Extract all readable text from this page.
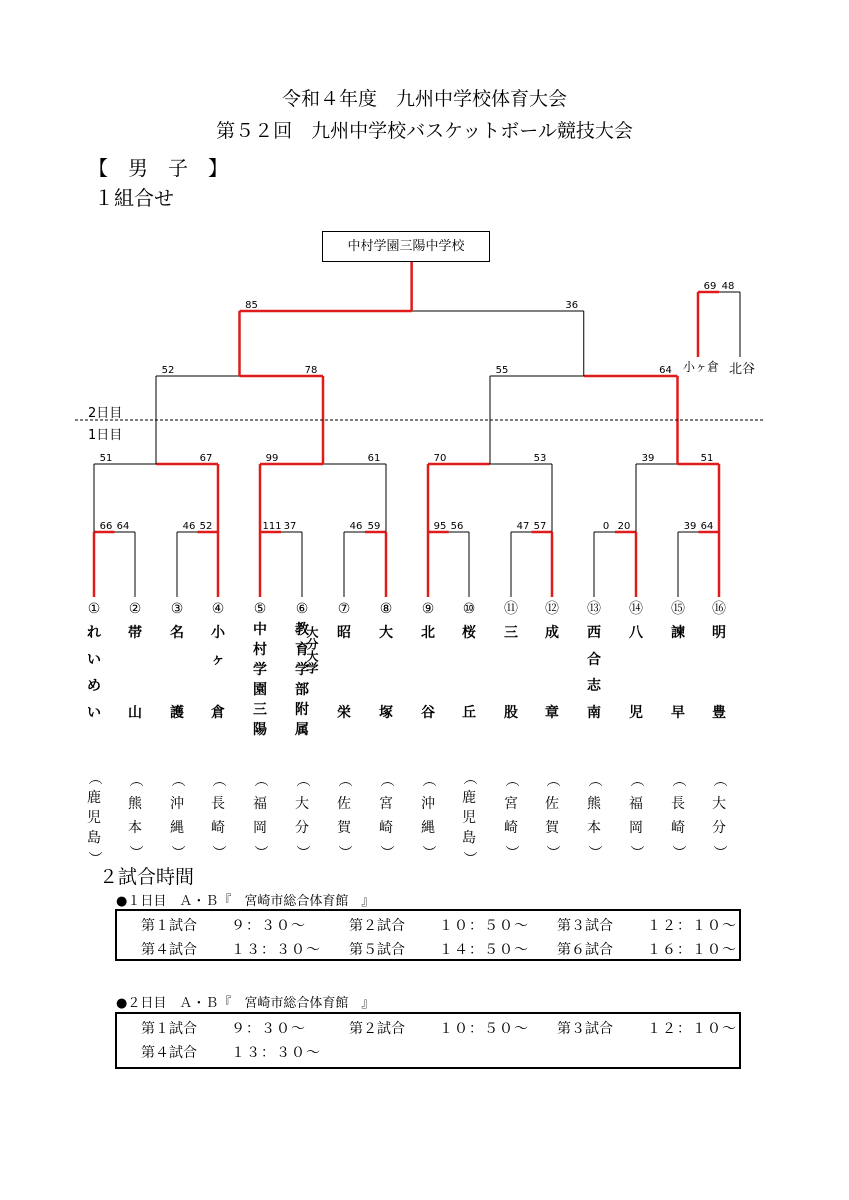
令和４年度　九州中学校体育大会
第５２回　九州中学校バスケットボール競技大会
【　男　子　】
１組合せ
中村学園三陽中学校
66 64	46 52	111 37	46 59	95 56	47 57	0 20	39 64
51	67	99	61	70	53	39	51
52	78	55	64
85	36
69 48
2日目
1日目
小ヶ倉 北谷
①
れ
い
め
い
（
鹿
児
島
）
②
帯
山
（
熊
本
）
③
名
護
（
沖
縄
）
④
小
ヶ
倉
（
長
崎
）
⑤
中
村
学
園
三
陽
（
福
岡
）
⑥
教
育
学
部
附
属
大分大学
（
大
分
）
⑦
昭
栄
（
佐
賀
）
⑧
大
塚
（
宮
崎
）
⑨
北
谷
（
沖
縄
）
⑩
桜
丘
（
鹿
児
島
）
⑪
三
股
（
宮
崎
）
⑫
成
章
（
佐
賀
）
⑬
西
合
志
南
（
熊
本
）
⑭
八
児
（
福
岡
）
⑮
諫
早
（
長
崎
）
⑯
明
豊
（
大
分
）
２試合時間
●１日目　Ａ・Ｂ『　宮崎市総合体育館　』
第１試合 ９：３０～	第２試合 １０：５０～ 第３試合 １２：１０～
第４試合 １３：３０～ 第５試合 １４：５０～ 第６試合 １６：１０～
●２日目　Ａ・Ｂ『　宮崎市総合体育館　』
第１試合 ９：３０～	第２試合 １０：５０～ 第３試合 １２：１０～
第４試合 １３：３０～
